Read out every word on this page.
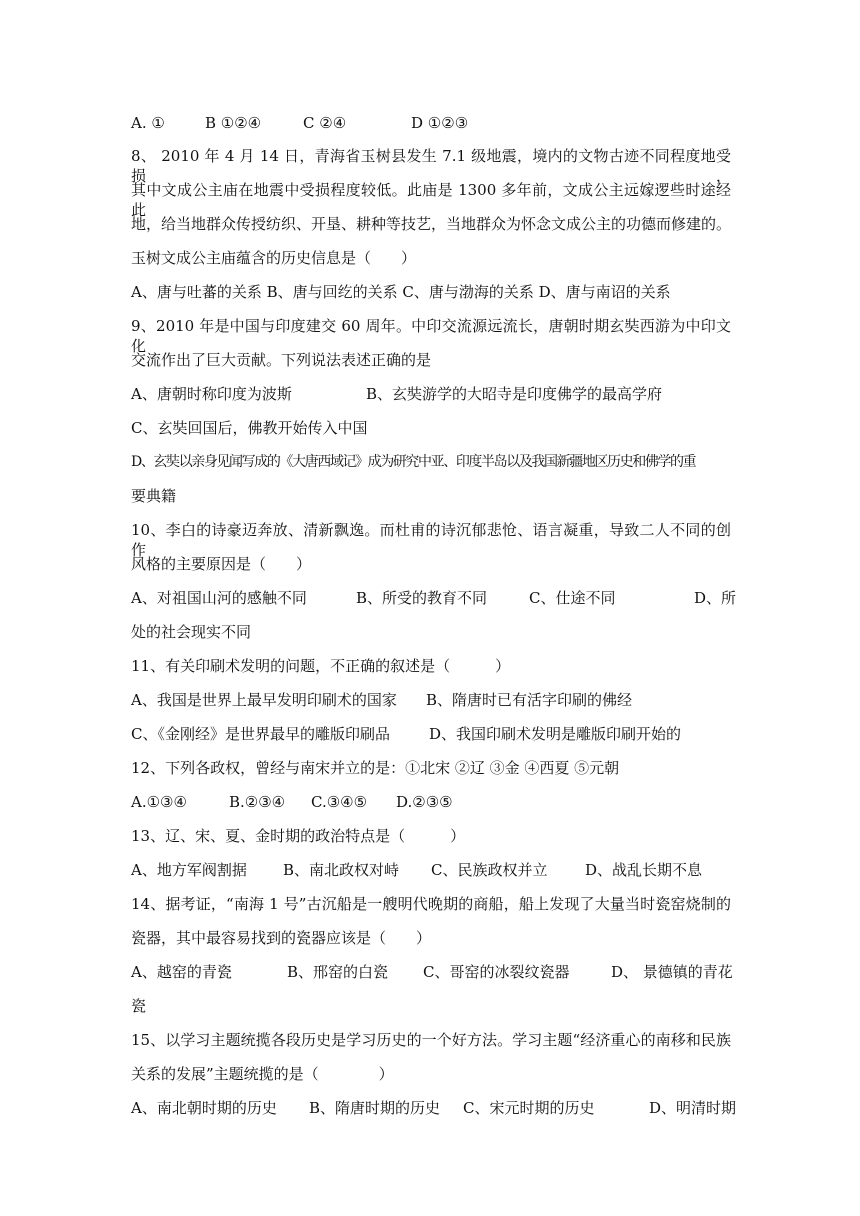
A. ①	B ①②④	C ②④	D ①②③
8、 2010 年 4 月 14 日，青海省玉树县发生 7.1 级地震，境内的文物古迹不同程度地受损，
其中文成公主庙在地震中受损程度较低。此庙是 1300 多年前，文成公主远嫁逻些时途经此
地，给当地群众传授纺织、开垦、耕种等技艺，当地群众为怀念文成公主的功德而修建的。
玉树文成公主庙蕴含的历史信息是（　　）
A、唐与吐蕃的关系 B、唐与回纥的关系 C、唐与渤海的关系 D、唐与南诏的关系
9、2010 年是中国与印度建交 60 周年。中印交流源远流长，唐朝时期玄奘西游为中印文化
交流作出了巨大贡献。下列说法表述正确的是
A、唐朝时称印度为波斯	B、玄奘游学的大昭寺是印度佛学的最高学府
C、玄奘回国后，佛教开始传入中国
D、玄奘以亲身见闻写成的《大唐西域记》成为研究中亚、印度半岛以及我国新疆地区历史和佛学的重
要典籍
10、李白的诗豪迈奔放、清新飘逸。而杜甫的诗沉郁悲怆、语言凝重，导致二人不同的创作
风格的主要原因是（　　）
A、对祖国山河的感触不同	B、所受的教育不同	C、仕途不同	D、所
处的社会现实不同
11、有关印刷术发明的问题，不正确的叙述是（　　　）
A、我国是世界上最早发明印刷术的国家 B、隋唐时已有活字印刷的佛经
C、《金刚经》是世界最早的雕版印刷品	D、我国印刷术发明是雕版印刷开始的
12、下列各政权，曾经与南宋并立的是：①北宋 ②辽 ③金 ④西夏 ⑤元朝
A.①③④	B.②③④ C.③④⑤ D.②③⑤
13、辽、宋、夏、金时期的政治特点是（　　　）
A、地方军阀割据 B、南北政权对峙 C、民族政权并立	D、战乱长期不息
14、据考证，“南海 1 号”古沉船是一艘明代晚期的商船，船上发现了大量当时瓷窑烧制的
瓷器，其中最容易找到的瓷器应该是（　　）
A、越窑的青瓷	B、邢窑的白瓷 C、哥窑的冰裂纹瓷器	D、 景德镇的青花
瓷
15、以学习主题统揽各段历史是学习历史的一个好方法。学习主题“经济重心的南移和民族
关系的发展”主题统揽的是（　　　　）
A、南北朝时期的历史 B、隋唐时期的历史 C、宋元时期的历史	D、明清时期
